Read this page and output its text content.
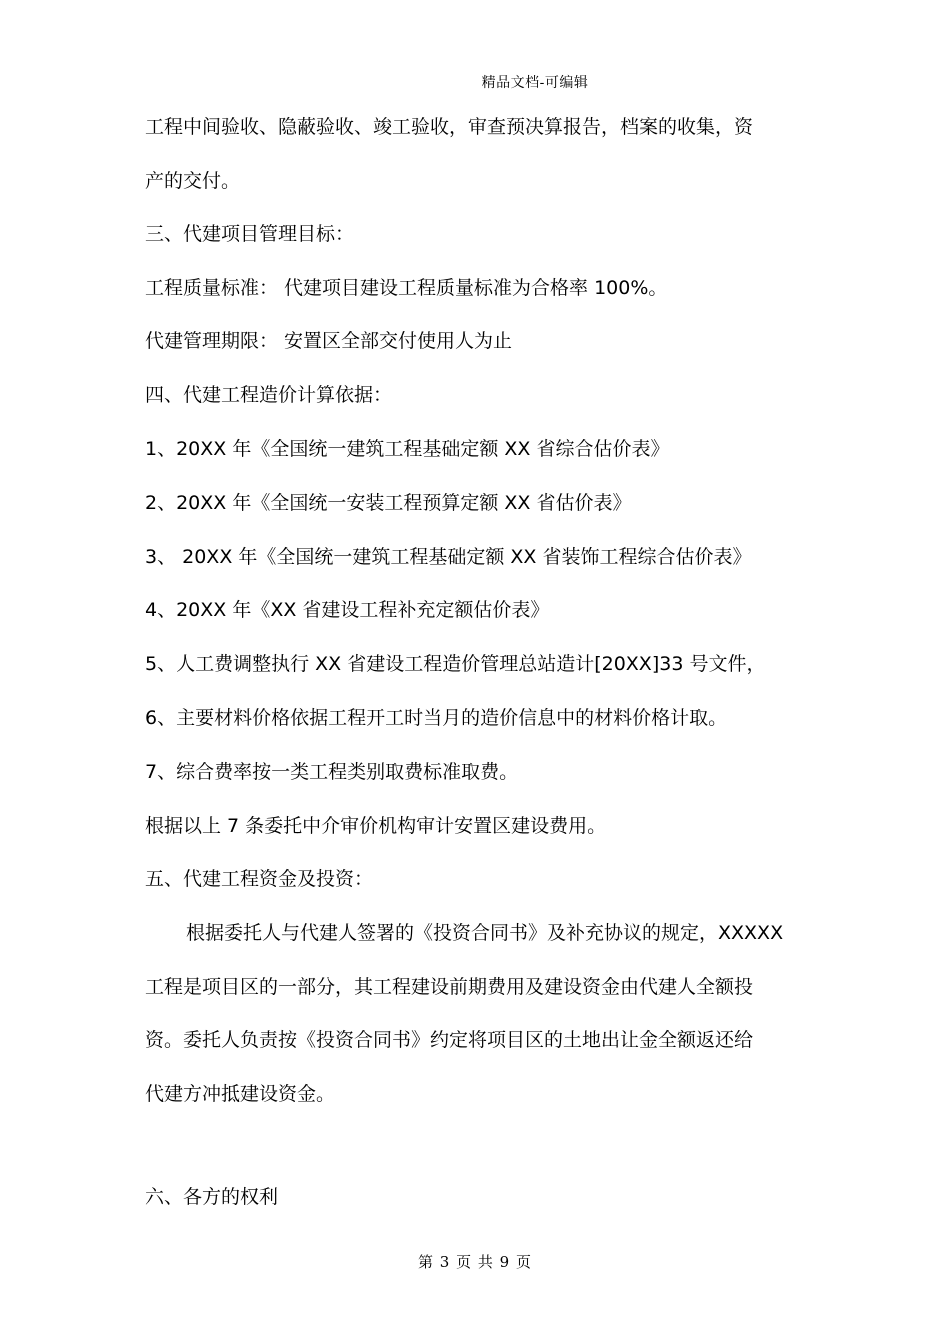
精品文档-可编辑
工程中间验收、隐蔽验收、竣工验收，审查预决算报告，档案的收集，资
产的交付。
三、代建项目管理目标：
工程质量标准： 代建项目建设工程质量标准为合格率 100%。
代建管理期限： 安置区全部交付使用人为止
四、代建工程造价计算依据：
1、20XX 年《全国统一建筑工程基础定额 XX 省综合估价表》
2、20XX 年《全国统一安装工程预算定额 XX 省估价表》
3、 20XX 年《全国统一建筑工程基础定额 XX 省装饰工程综合估价表》
4、20XX 年《XX 省建设工程补充定额估价表》
5、人工费调整执行 XX 省建设工程造价管理总站造计[20XX]33 号文件，
6、主要材料价格依据工程开工时当月的造价信息中的材料价格计取。
7、综合费率按一类工程类别取费标准取费。
根据以上 7 条委托中介审价机构审计安置区建设费用。
五、代建工程资金及投资：
根据委托人与代建人签署的《投资合同书》及补充协议的规定，XXXXX
工程是项目区的一部分，其工程建设前期费用及建设资金由代建人全额投
资。委托人负责按《投资合同书》约定将项目区的土地出让金全额返还给
代建方冲抵建设资金。
六、各方的权利
第 3 页 共 9 页
